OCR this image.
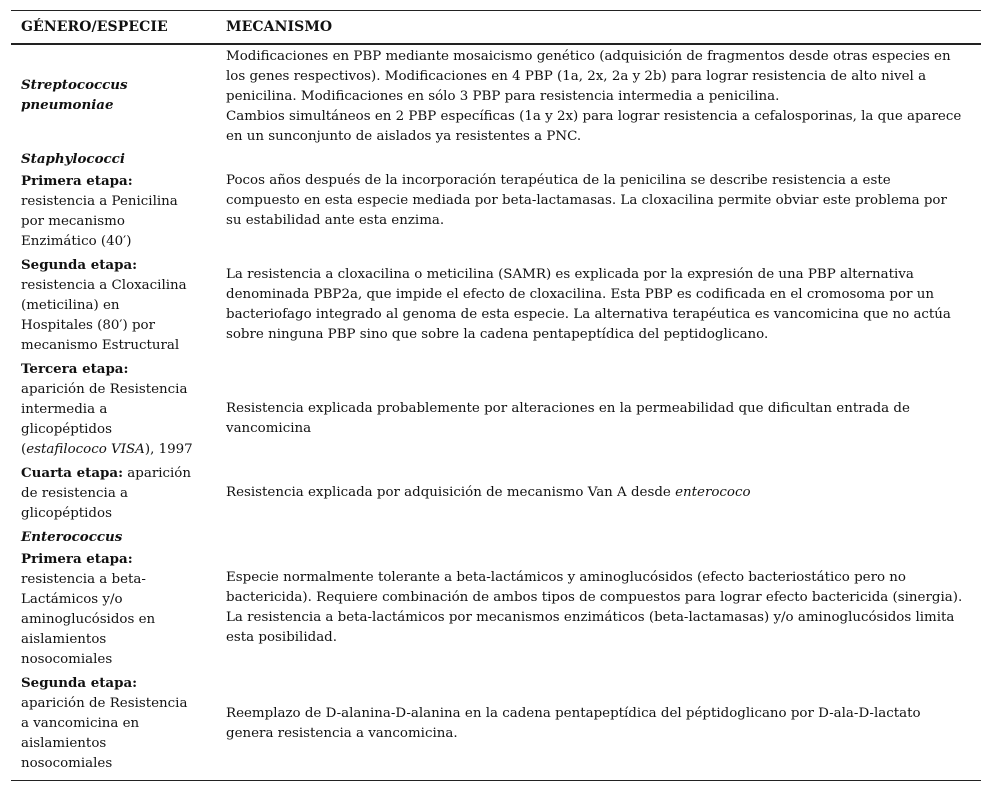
GÉNERO/ESPECIE	MECANISMO
Streptococcus pneumoniae

Modificaciones en PBP mediante mosaicismo genético (adquisición de fragmentos desde otras especies en los genes respectivos). Modificaciones en 4 PBP (1a, 2x, 2a y 2b) para lograr resistencia de alto nivel a penicilina. Modificaciones en sólo 3 PBP para resistencia intermedia a penicilina.

Cambios simultáneos en 2 PBP específicas (1a y 2x) para lograr resistencia a cefalosporinas, la que aparece en un sunconjunto de aislados ya resistentes a PNC.

Staphylococci
Primera etapa:
resistencia a Penicilina por mecanismo Enzimático (40′)
Pocos años después de la incorporación terapéutica de la penicilina se describe resistencia a este compuesto en esta especie mediada por beta-lactamasas. La cloxacilina permite obviar este problema por su estabilidad ante esta enzima.
Segunda etapa:
resistencia a Cloxacilina (meticilina) en Hospitales (80′) por mecanismo Estructural
La resistencia a cloxacilina o meticilina (SAMR) es explicada por la expresión de una PBP alternativa denominada PBP2a, que impide el efecto de cloxacilina. Esta PBP es codificada en el cromosoma por un bacteriofago integrado al genoma de esta especie. La alternativa terapéutica es vancomicina que no actúa sobre ninguna PBP sino que sobre la cadena pentapeptídica del peptidoglicano.
Tercera etapa: aparición de Resistencia intermedia a glicopéptidos (estafilococo VISA), 1997
Resistencia explicada probablemente por alteraciones en la permeabilidad que dificultan entrada de vancomicina
Cuarta etapa: aparición de resistencia a glicopéptidos
Resistencia explicada por adquisición de mecanismo Van A desde enterococo
Enterococcus
Primera etapa:
resistencia a beta-Lactámicos y/o aminoglucósidos en aislamientos nosocomiales
Especie normalmente tolerante a beta-lactámicos y aminoglucósidos (efecto bacteriostático pero no bactericida). Requiere combinación de ambos tipos de compuestos para lograr efecto bactericida (sinergia). La resistencia a beta-lactámicos por mecanismos enzimáticos (beta-lactamasas) y/o aminoglucósidos limita esta posibilidad.
Segunda etapa:
aparición de Resistencia a vancomicina en aislamientos nosocomiales
Reemplazo de D-alanina-D-alanina en la cadena pentapeptídica del péptidoglicano por D-ala-D-lactato genera resistencia a vancomicina.
